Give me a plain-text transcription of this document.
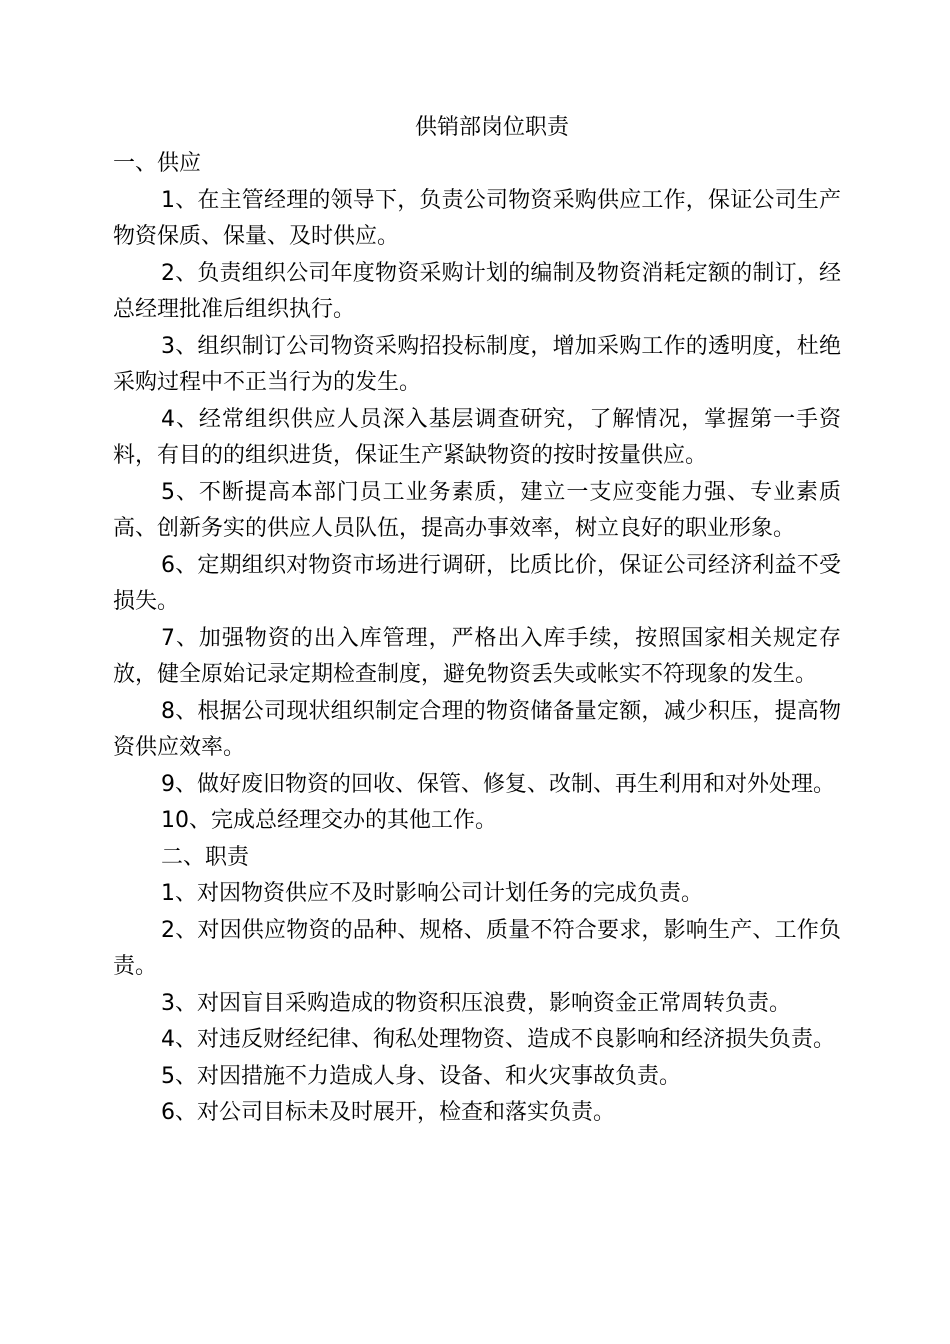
供销部岗位职责

一、供应

1、在主管经理的领导下，负责公司物资采购供应工作，保证公司生产物资保质、保量、及时供应。

2、负责组织公司年度物资采购计划的编制及物资消耗定额的制订，经总经理批准后组织执行。

3、组织制订公司物资采购招投标制度，增加采购工作的透明度，杜绝采购过程中不正当行为的发生。

4、经常组织供应人员深入基层调查研究，了解情况，掌握第一手资料，有目的的组织进货，保证生产紧缺物资的按时按量供应。

5、不断提高本部门员工业务素质，建立一支应变能力强、专业素质高、创新务实的供应人员队伍，提高办事效率，树立良好的职业形象。

6、定期组织对物资市场进行调研，比质比价，保证公司经济利益不受损失。

7、加强物资的出入库管理，严格出入库手续，按照国家相关规定存放，健全原始记录定期检查制度，避免物资丢失或帐实不符现象的发生。

8、根据公司现状组织制定合理的物资储备量定额，减少积压，提高物资供应效率。

9、做好废旧物资的回收、保管、修复、改制、再生利用和对外处理。

10、完成总经理交办的其他工作。

二、职责

1、对因物资供应不及时影响公司计划任务的完成负责。

2、对因供应物资的品种、规格、质量不符合要求，影响生产、工作负责。

3、对因盲目采购造成的物资积压浪费，影响资金正常周转负责。

4、对违反财经纪律、徇私处理物资、造成不良影响和经济损失负责。

5、对因措施不力造成人身、设备、和火灾事故负责。

6、对公司目标未及时展开，检查和落实负责。
